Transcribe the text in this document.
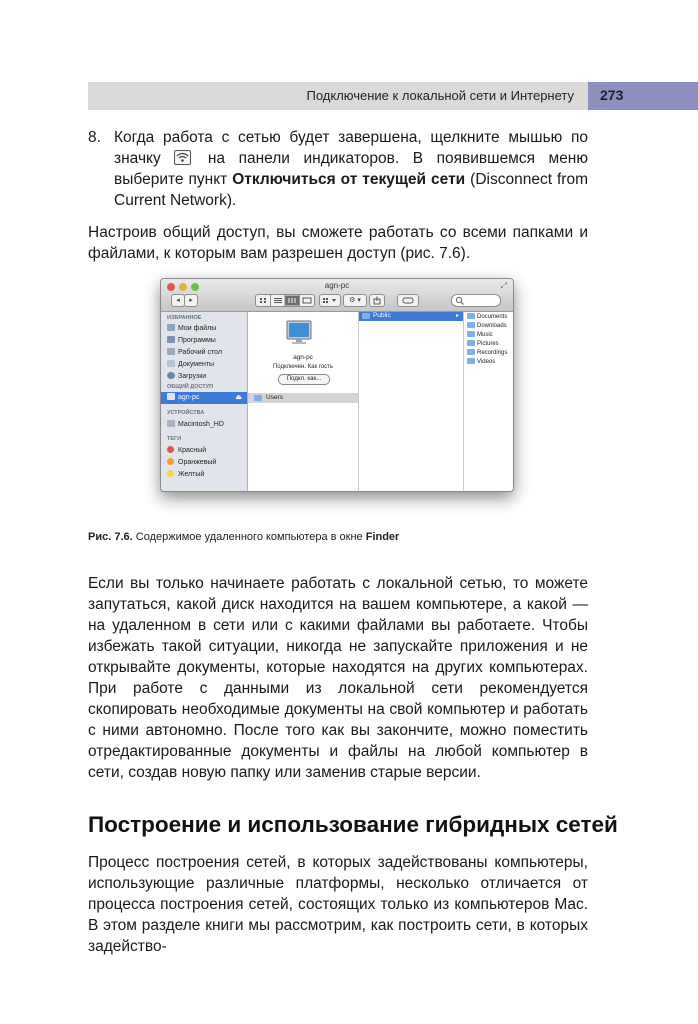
Подключение к локальной сети и Интернету 273
8. Когда работа с сетью будет завершена, щелкните мышью по значку
на панели индикаторов. В появившемся меню выберите пункт Отключиться от текущей сети (Disconnect from Current Network).
Настроив общий доступ, вы сможете работать со всеми папками и файлами, к которым вам разрешен доступ (рис. 7.6).
agn-pc	⤢
◂	▸	⚙ ▾
ИЗБРАННОЕ
Мои файлы
Программы
Рабочий стол
Документы
Загрузки
ОБЩИЙ ДОСТУП
agn-pc	⏏
УСТРОЙСТВА
Macintosh_HD
ТЕГИ
Красный
Оранжевый
Желтый
agn-pc
Подключен. Как гость
Подкл. как...
Users
Public	▸	Documents
Downloads
Music
Pictures
Recordings
Videos
Рис. 7.6. Содержимое удаленного компьютера в окне Finder
Если вы только начинаете работать с локальной сетью, то можете запутаться, какой диск находится на вашем компьютере, а какой — на удаленном в сети или с какими файлами вы работаете. Чтобы избежать такой ситуации, никогда не запускайте приложения и не открывайте документы, которые находятся на других компьютерах. При работе с данными из локальной сети рекомендуется скопировать необходимые документы на свой компьютер и работать с ними автономно. После того как вы закончите, можно поместить отредактированные документы и файлы на любой компьютер в сети, создав новую папку или заменив старые версии.
Построение и использование гибридных сетей
Процесс построения сетей, в которых задействованы компьютеры, использующие различные платформы, несколько отличается от процесса построения сетей, состоящих только из компьютеров Mac. В этом разделе книги мы рассмотрим, как построить сети, в которых задейство-
